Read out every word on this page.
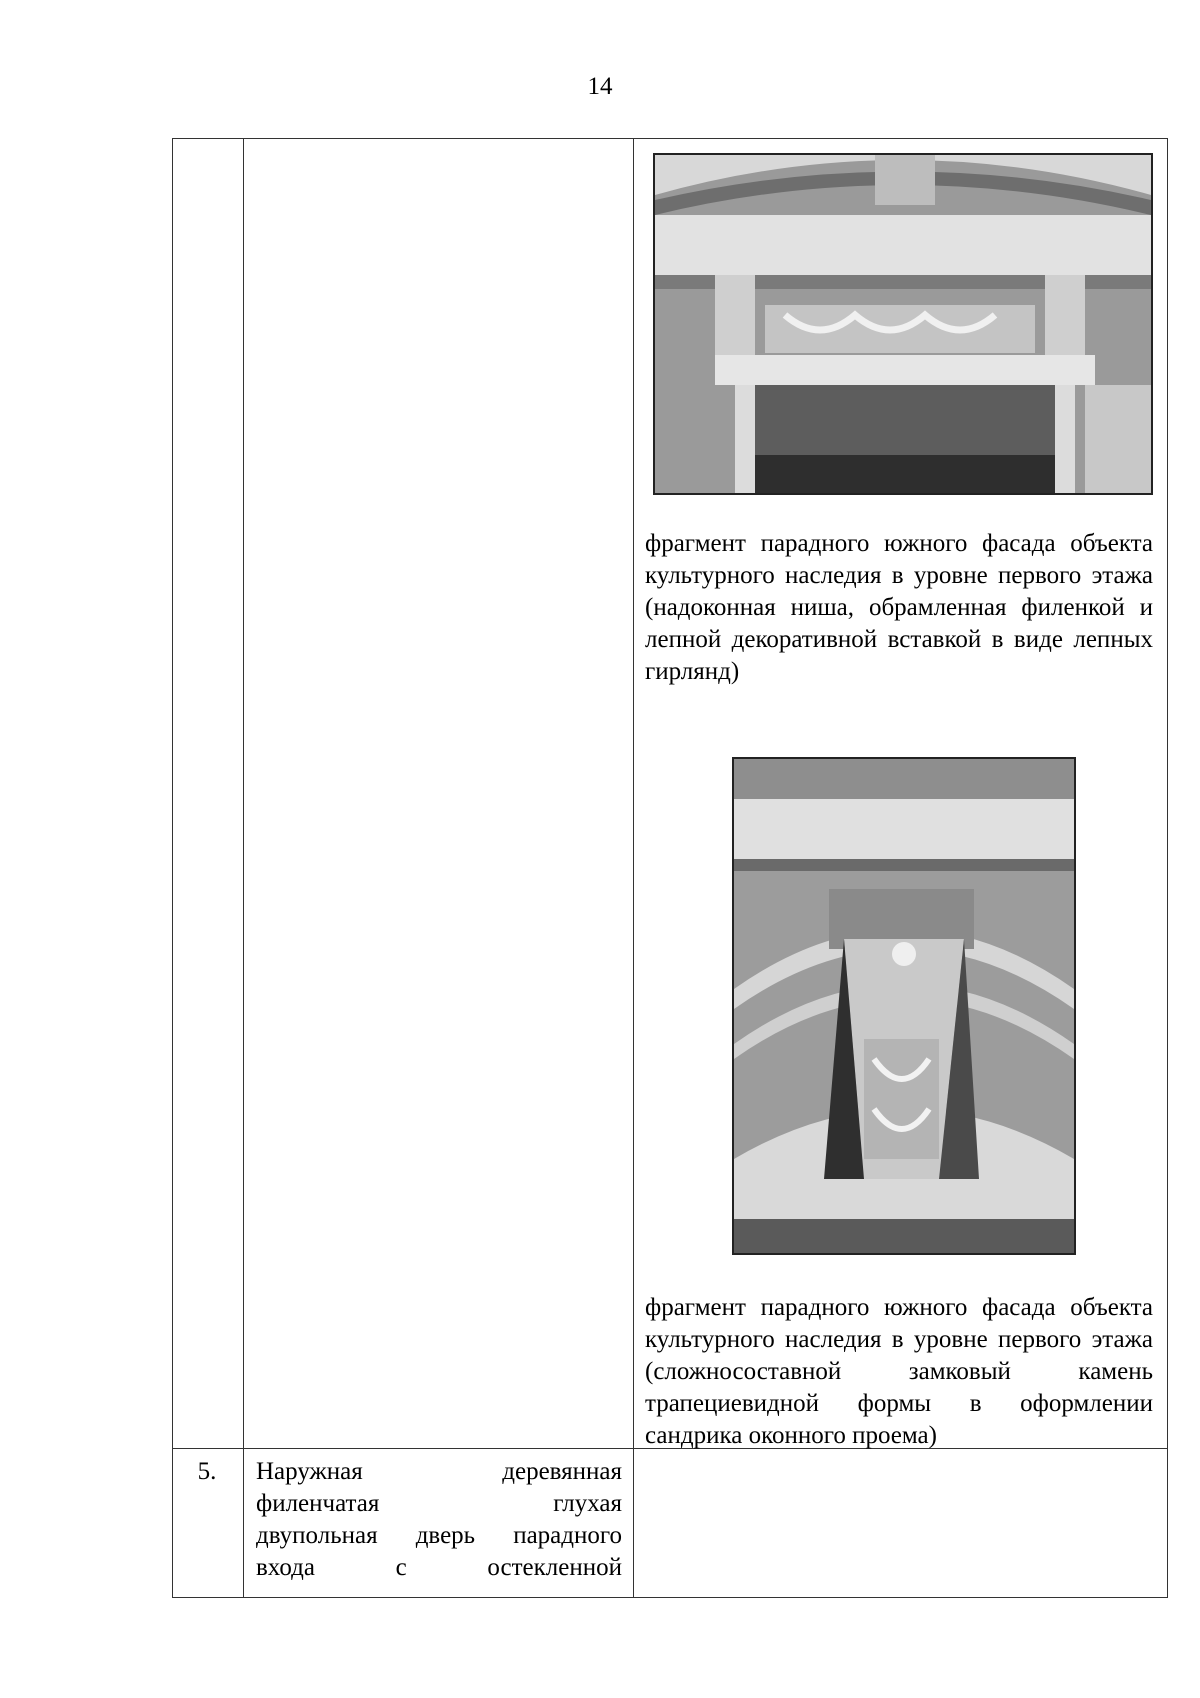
14
фрагмент парадного южного фасада объекта культурного наследия в уровне первого этажа (надоконная ниша, обрамленная филенкой и лепной декоративной вставкой в виде лепных гирлянд)
фрагмент парадного южного фасада объекта культурного наследия в уровне первого этажа (сложносоставной замковый камень трапециевидной формы в оформлении сандрика оконного проема)
5.	Наружная деревянная
филенчатая глухая
двупольная дверь парадного
входа с остекленной
